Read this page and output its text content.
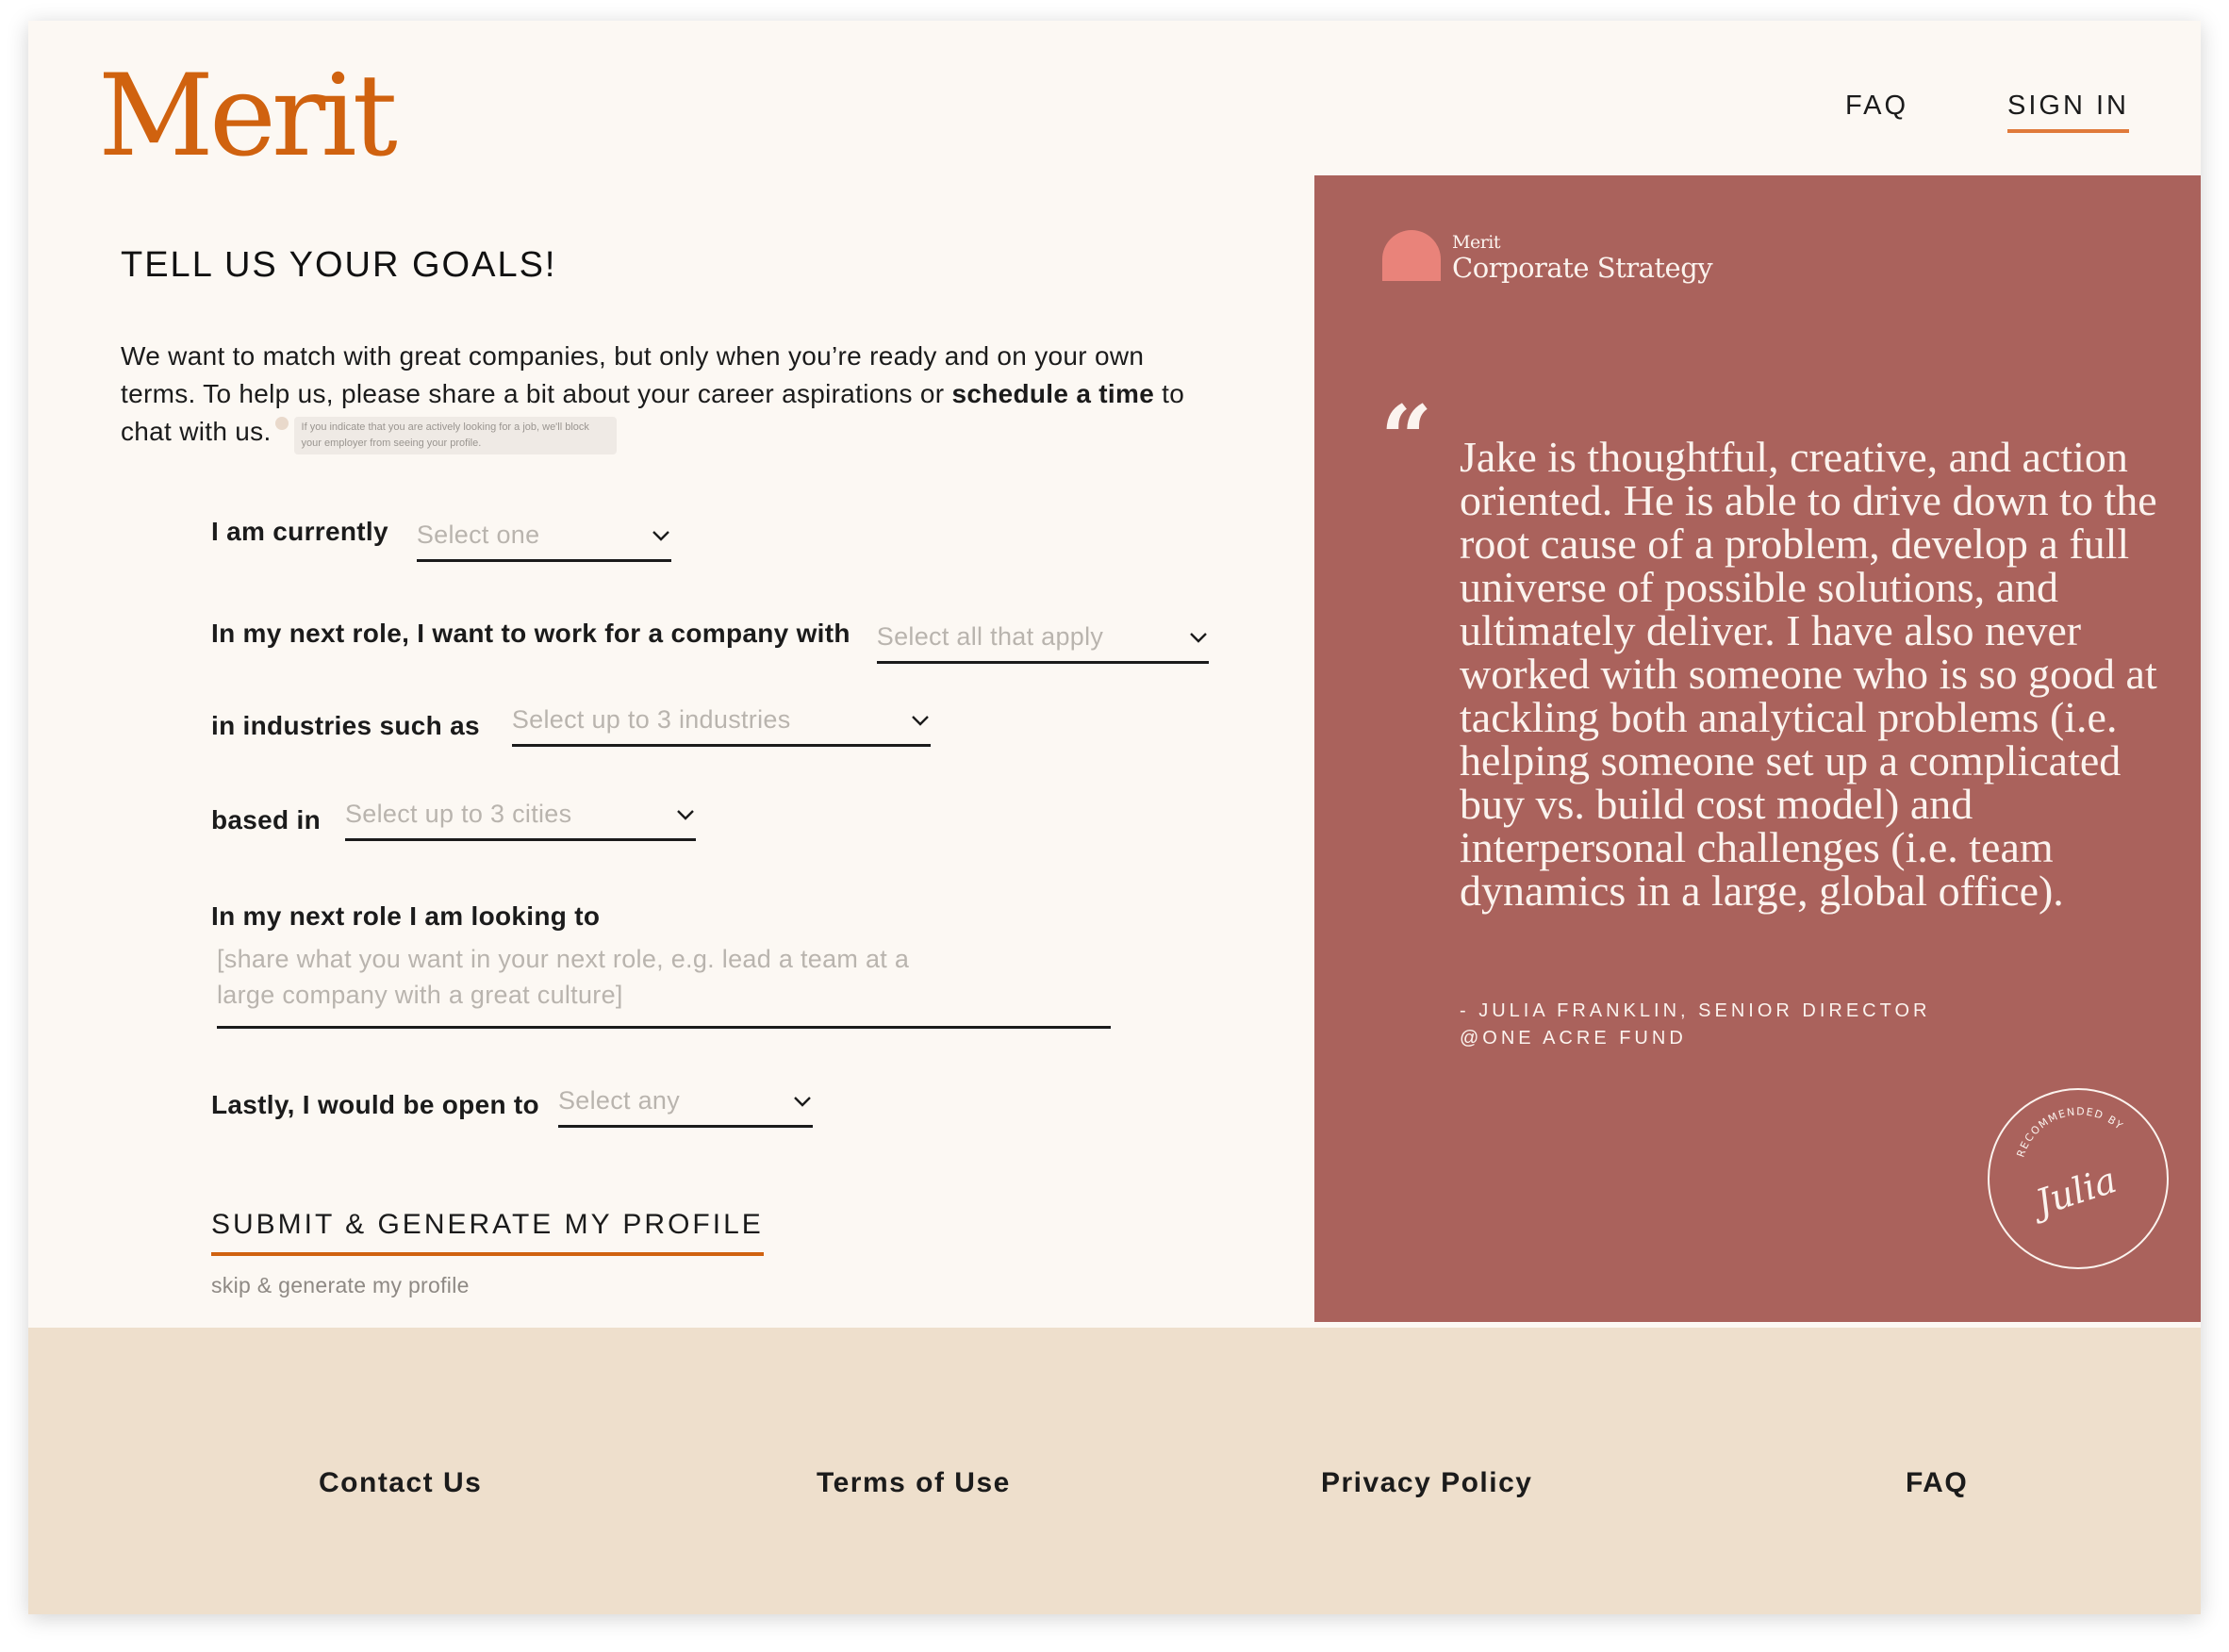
Merit	FAQ	SIGN IN
TELL US YOUR GOALS!

We want to match with great companies, but only when you’re ready and on your own terms. To help us, please share a bit about your career aspirations or schedule a time to chat with us.	If you indicate that you are actively looking for a job, we'll block your employer from seeing your profile.

I am currently Select one
In my next role, I want to work for a company with Select all that apply
in industries such as Select up to 3 industries
based in Select up to 3 cities
In my next role I am looking to
[share what you want in your next role, e.g. lead a team at a large company with a great culture]
Lastly, I would be open to Select any
SUBMIT & GENERATE MY PROFILE
skip & generate my profile
Merit
Corporate Strategy
“ Jake is thoughtful, creative, and action oriented. He is able to drive down to the root cause of a problem, develop a full universe of possible solutions, and ultimately deliver. I have also never worked with someone who is so good at tackling both analytical problems (i.e. helping someone set up a complicated buy vs. build cost model) and interpersonal challenges (i.e. team dynamics in a large, global office).
- JULIA FRANKLIN, SENIOR DIRECTOR
@ONE ACRE FUND
RECOMMENDED BY
Julia
Contact Us	Terms of Use	Privacy Policy	FAQ
